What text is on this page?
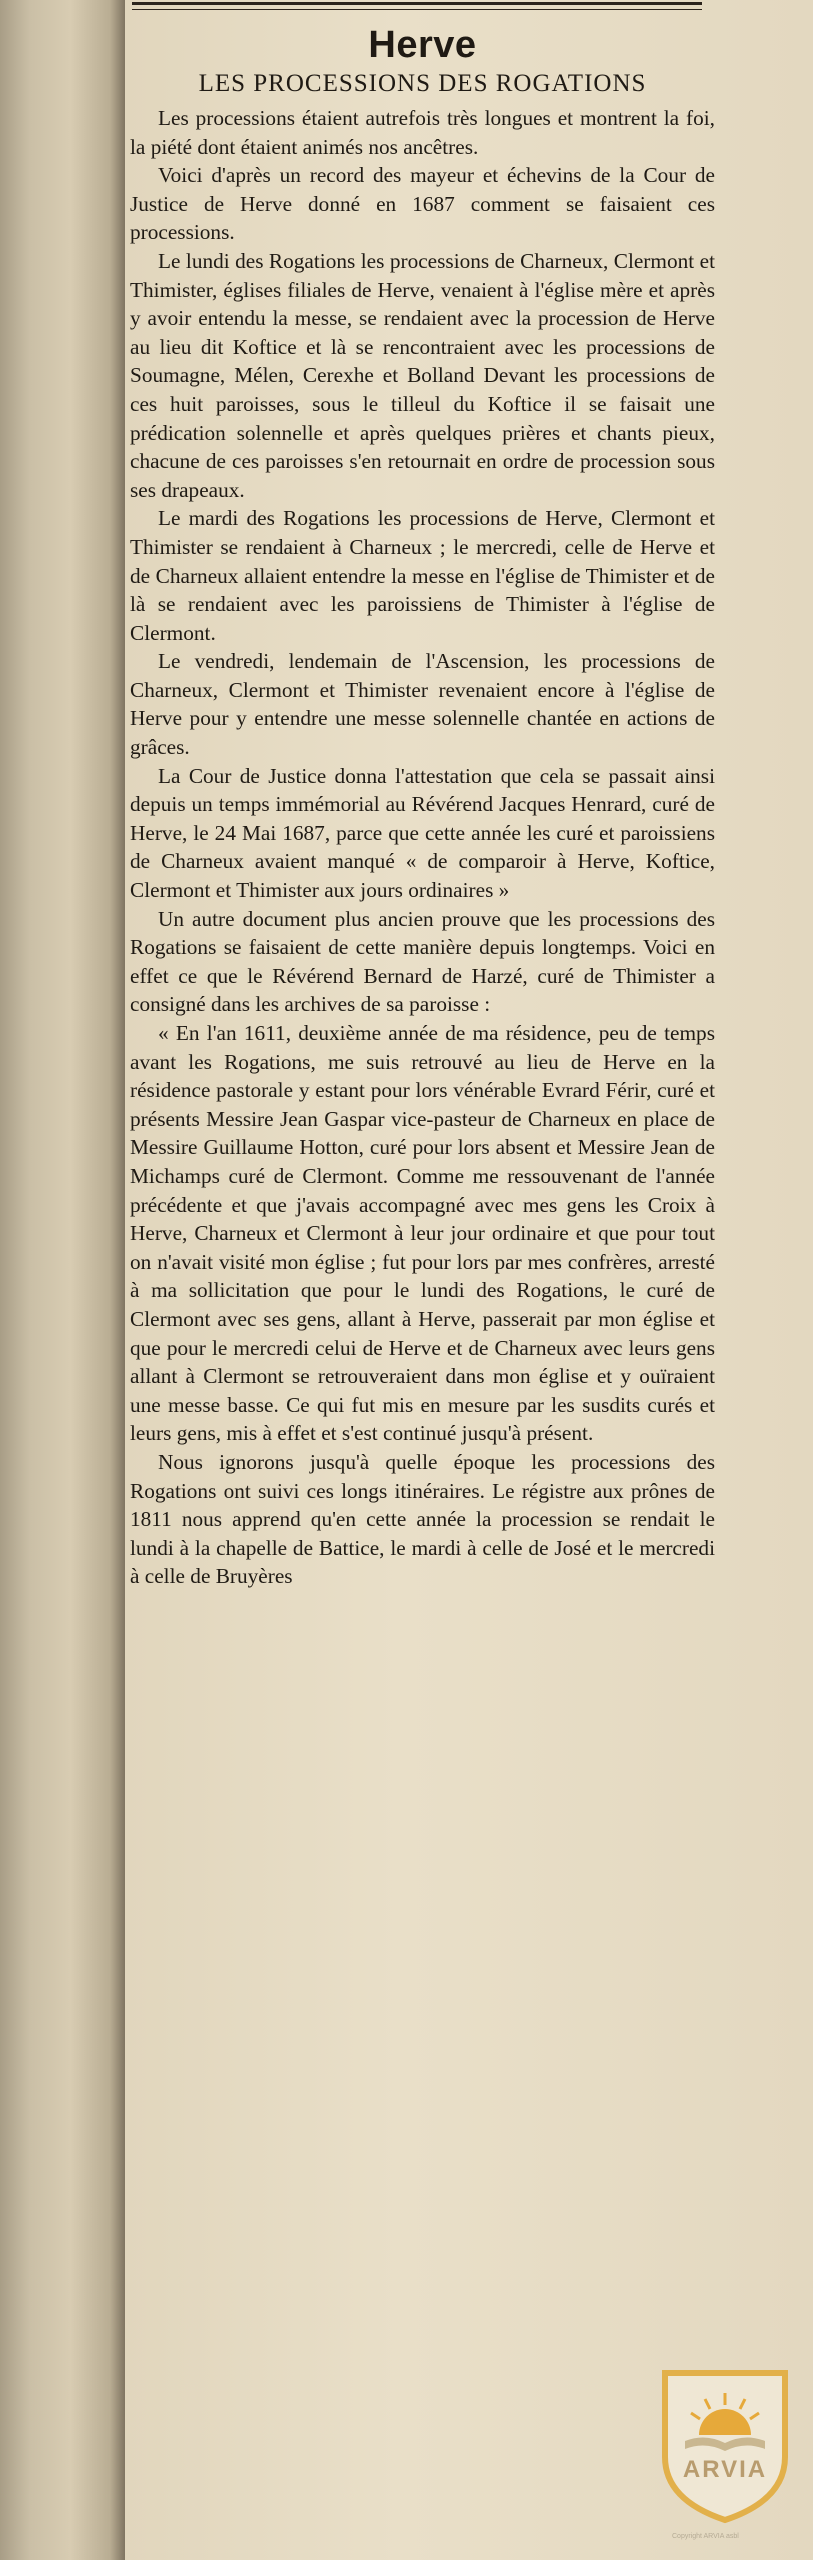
Herve
LES PROCESSIONS DES ROGATIONS

Les processions étaient autrefois très longues et montrent la foi, la piété dont étaient animés nos ancêtres.

Voici d'après un record des mayeur et échevins de la Cour de Justice de Herve donné en 1687 comment se faisaient ces processions.

Le lundi des Rogations les processions de Charneux, Clermont et Thimister, églises filiales de Herve, venaient à l'église mère et après y avoir entendu la messe, se rendaient avec la procession de Herve au lieu dit Koftice et là se rencontraient avec les processions de Soumagne, Mélen, Cerexhe et Bolland Devant les processions de ces huit paroisses, sous le tilleul du Koftice il se faisait une prédication solennelle et après quelques prières et chants pieux, chacune de ces paroisses s'en retournait en ordre de procession sous ses drapeaux.

Le mardi des Rogations les processions de Herve, Clermont et Thimister se rendaient à Charneux ; le mercredi, celle de Herve et de Charneux allaient entendre la messe en l'église de Thimister et de là se rendaient avec les paroissiens de Thimister à l'église de Clermont.

Le vendredi, lendemain de l'Ascension, les processions de Charneux, Clermont et Thimister revenaient encore à l'église de Herve pour y entendre une messe solennelle chantée en actions de grâces.

La Cour de Justice donna l'attestation que cela se passait ainsi depuis un temps immémorial au Révérend Jacques Henrard, curé de Herve, le 24 Mai 1687, parce que cette année les curé et paroissiens de Charneux avaient manqué « de comparoir à Herve, Koftice, Clermont et Thimister aux jours ordinaires »

Un autre document plus ancien prouve que les processions des Rogations se faisaient de cette manière depuis longtemps. Voici en effet ce que le Révérend Bernard de Harzé, curé de Thimister a consigné dans les archives de sa paroisse :

« En l'an 1611, deuxième année de ma résidence, peu de temps avant les Rogations, me suis retrouvé au lieu de Herve en la résidence pastorale y estant pour lors vénérable Evrard Férir, curé et présents Messire Jean Gaspar vice-pasteur de Charneux en place de Messire Guillaume Hotton, curé pour lors absent et Messire Jean de Michamps curé de Clermont. Comme me ressouvenant de l'année précédente et que j'avais accompagné avec mes gens les Croix à Herve, Charneux et Clermont à leur jour ordinaire et que pour tout on n'avait visité mon église ; fut pour lors par mes confrères, arresté à ma sollicitation que pour le lundi des Rogations, le curé de Clermont avec ses gens, allant à Herve, passerait par mon église et que pour le mercredi celui de Herve et de Charneux avec leurs gens allant à Clermont se retrouveraient dans mon église et y ouïraient une messe basse. Ce qui fut mis en mesure par les susdits curés et leurs gens, mis à effet et s'est continué jusqu'à présent.

Nous ignorons jusqu'à quelle époque les processions des Rogations ont suivi ces longs itinéraires. Le régistre aux prônes de 1811 nous apprend qu'en cette année la procession se rendait le lundi à la chapelle de Battice, le mardi à celle de José et le mercredi à celle de Bruyères

ARVIA
Copyright ARVIA asbl
